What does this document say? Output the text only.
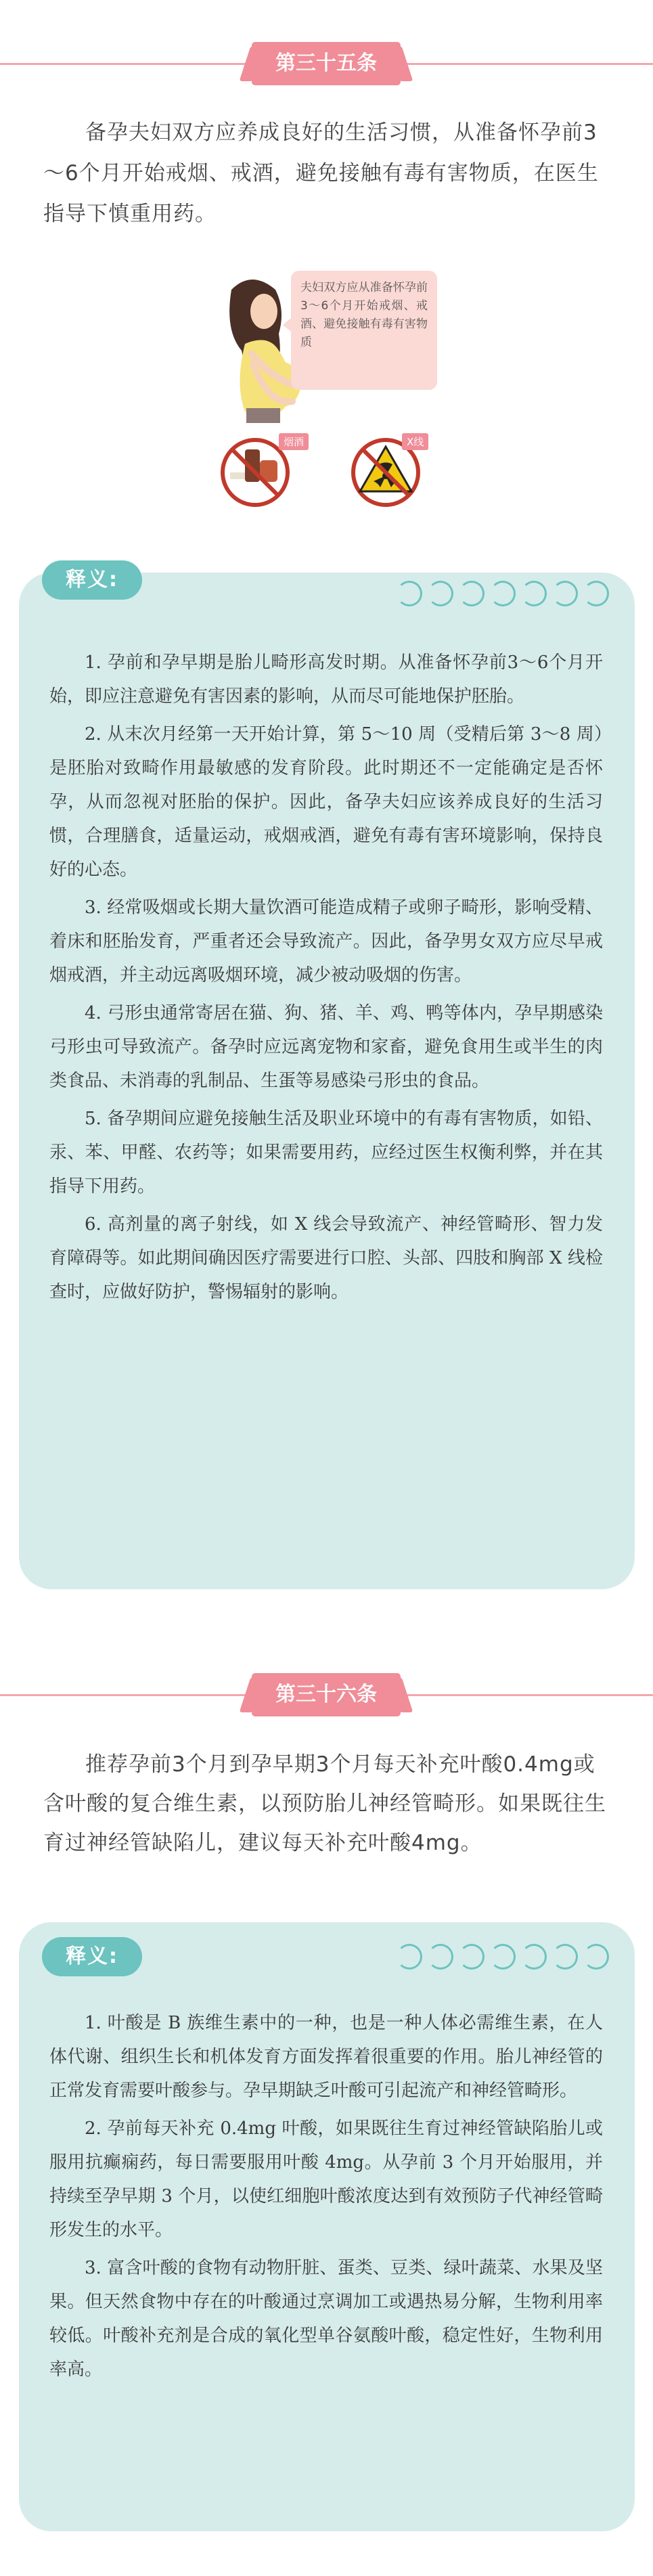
第三十五条
备孕夫妇双方应养成良好的生活习惯，从准备怀孕前3～6个月开始戒烟、戒酒，避免接触有毒有害物质，在医生指导下慎重用药。
烟酒	X线
夫妇双方应从准备怀孕前3～6个月开始戒烟、戒酒、避免接触有毒有害物质
释义:

1. 孕前和孕早期是胎儿畸形高发时期。从准备怀孕前3～6个月开始，即应注意避免有害因素的影响，从而尽可能地保护胚胎。

2. 从末次月经第一天开始计算，第 5～10 周（受精后第 3～8 周）是胚胎对致畸作用最敏感的发育阶段。此时期还不一定能确定是否怀孕，从而忽视对胚胎的保护。因此，备孕夫妇应该养成良好的生活习惯，合理膳食，适量运动，戒烟戒酒，避免有毒有害环境影响，保持良好的心态。

3. 经常吸烟或长期大量饮酒可能造成精子或卵子畸形，影响受精、着床和胚胎发育，严重者还会导致流产。因此，备孕男女双方应尽早戒烟戒酒，并主动远离吸烟环境，减少被动吸烟的伤害。

4. 弓形虫通常寄居在猫、狗、猪、羊、鸡、鸭等体内，孕早期感染弓形虫可导致流产。备孕时应远离宠物和家畜，避免食用生或半生的肉类食品、未消毒的乳制品、生蛋等易感染弓形虫的食品。

5. 备孕期间应避免接触生活及职业环境中的有毒有害物质，如铅、汞、苯、甲醛、农药等；如果需要用药，应经过医生权衡利弊，并在其指导下用药。

6. 高剂量的离子射线，如 X 线会导致流产、神经管畸形、智力发育障碍等。如此期间确因医疗需要进行口腔、头部、四肢和胸部 X 线检查时，应做好防护，警惕辐射的影响。

第三十六条
推荐孕前3个月到孕早期3个月每天补充叶酸0.4mg或含叶酸的复合维生素，以预防胎儿神经管畸形。如果既往生育过神经管缺陷儿，建议每天补充叶酸4mg。
释义:

1. 叶酸是 B 族维生素中的一种，也是一种人体必需维生素，在人体代谢、组织生长和机体发育方面发挥着很重要的作用。胎儿神经管的正常发育需要叶酸参与。孕早期缺乏叶酸可引起流产和神经管畸形。

2. 孕前每天补充 0.4mg 叶酸，如果既往生育过神经管缺陷胎儿或服用抗癫痫药，每日需要服用叶酸 4mg。从孕前 3 个月开始服用，并持续至孕早期 3 个月，以使红细胞叶酸浓度达到有效预防子代神经管畸形发生的水平。

3. 富含叶酸的食物有动物肝脏、蛋类、豆类、绿叶蔬菜、水果及坚果。但天然食物中存在的叶酸通过烹调加工或遇热易分解，生物利用率较低。叶酸补充剂是合成的氧化型单谷氨酸叶酸，稳定性好，生物利用率高。
